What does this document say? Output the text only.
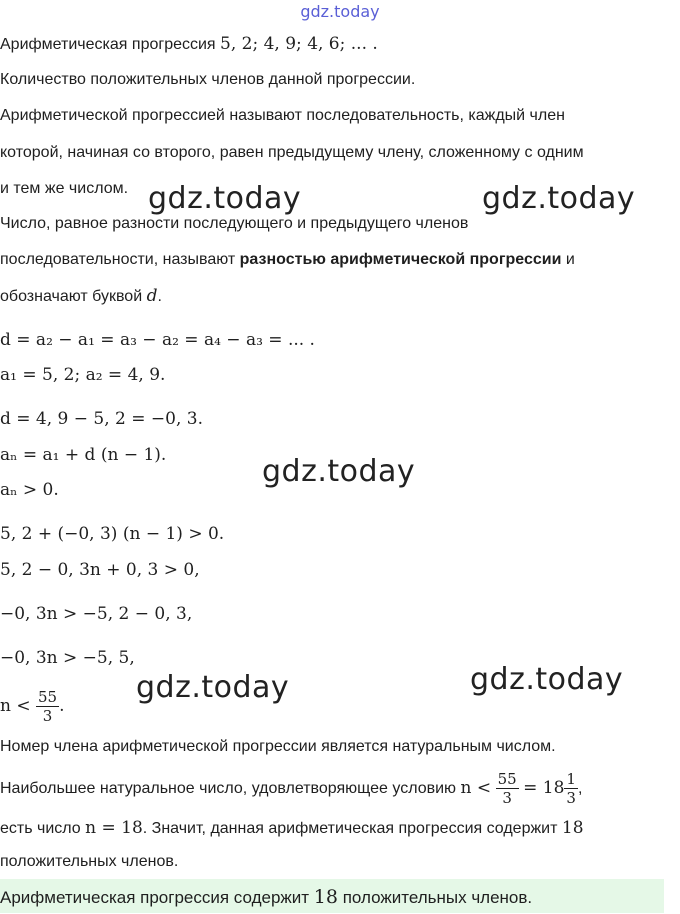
gdz.today
Арифметическая прогрессия 5, 2; 4, 9; 4, 6; ... .
Количество положительных членов данной прогрессии.
Арифметической прогрессией называют последовательность, каждый член
которой, начиная со второго, равен предыдущему члену, сложенному с одним
и тем же числом.
Число, равное разности последующего и предыдущего членов
последовательности, называют разностью арифметической прогрессии и
обозначают буквой d.
d = a₂ − a₁ = a₃ − a₂ = a₄ − a₃ = ... .
a₁ = 5, 2; a₂ = 4, 9.
d = 4, 9 − 5, 2 = −0, 3.
aₙ = a₁ + d (n − 1).
aₙ > 0.
5, 2 + (−0, 3) (n − 1) > 0.
5, 2 − 0, 3n + 0, 3 > 0,
−0, 3n > −5, 2 − 0, 3,
−0, 3n > −5, 5,
$n < \frac{55}{3}$ .
Номер члена арифметической прогрессии является натуральным числом.
Наибольшее натуральное число, удовлетворяющее условию $n < \frac{55}{3} = 18 \frac{1}{3}$ ,
есть число n = 18. Значит, данная арифметическая прогрессия содержит 18
положительных членов.
Арифметическая прогрессия содержит 18 положительных членов.
gdz.today	gdz.today
gdz.today
gdz.today	gdz.today
